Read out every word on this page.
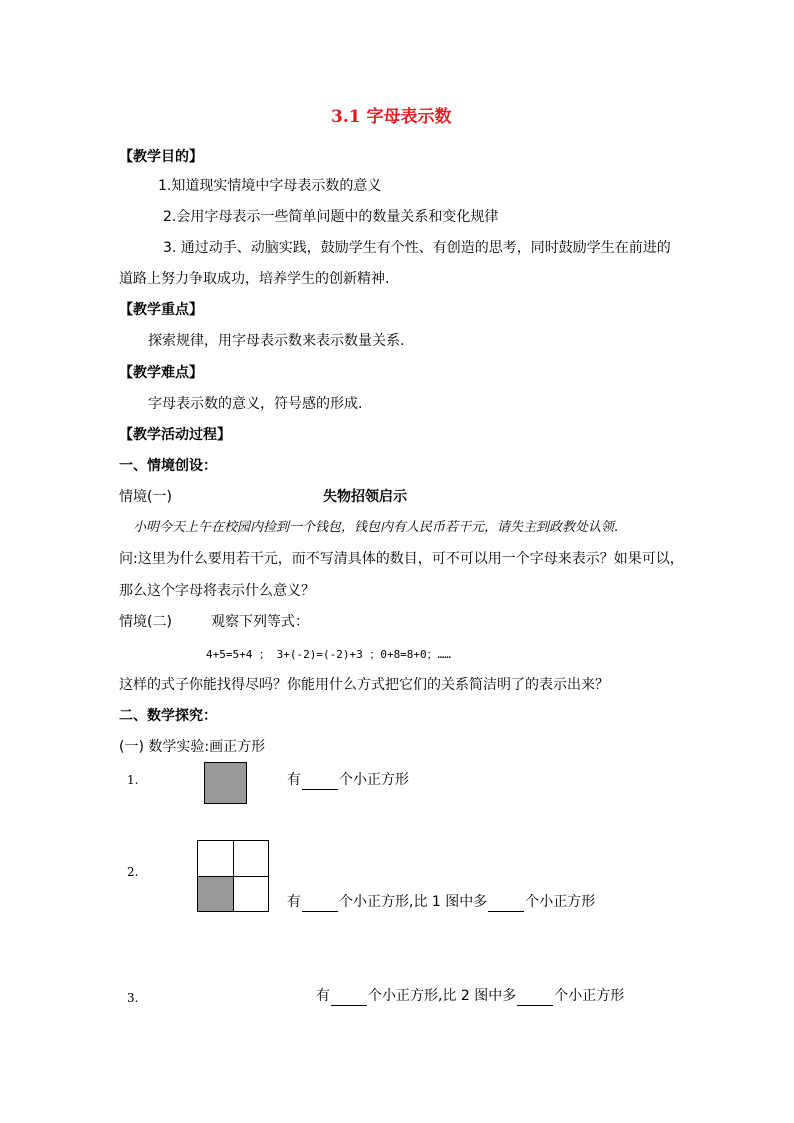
3.1 字母表示数
【教学目的】
1.知道现实情境中字母表示数的意义
2.会用字母表示一些简单问题中的数量关系和变化规律
3. 通过动手、动脑实践，鼓励学生有个性、有创造的思考，同时鼓励学生在前进的
道路上努力争取成功，培养学生的创新精神.
【教学重点】
探索规律，用字母表示数来表示数量关系.
【教学难点】
字母表示数的意义，符号感的形成.
【教学活动过程】
一、情境创设：
情境(一)	失物招领启示
小明今天上午在校园内捡到一个钱包，钱包内有人民币若干元，请失主到政教处认领.
问:这里为什么要用若干元，而不写清具体的数目，可不可以用一个字母来表示？如果可以，
那么这个字母将表示什么意义？
情境(二)	观察下列等式：
4+5=5+4 ； 3+(-2)=(-2)+3 ；0+8=8+0；……
这样的式子你能找得尽吗？你能用什么方式把它们的关系简洁明了的表示出来？
二、数学探究：
(一) 数学实验:画正方形
1.	有	个小正方形
2.
有	个小正方形,比 1 图中多	个小正方形
3.	有	个小正方形,比 2 图中多	个小正方形
